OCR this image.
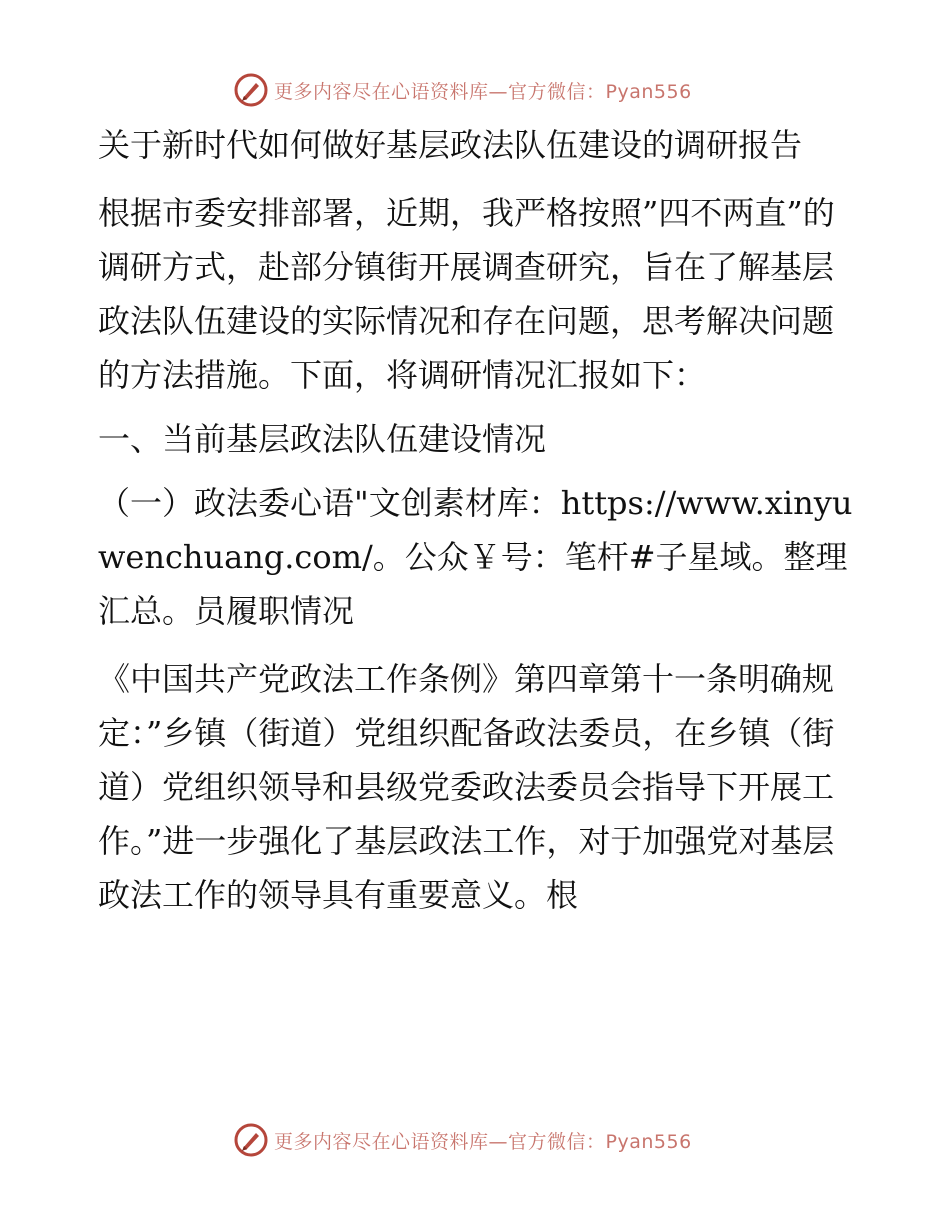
更多内容尽在心语资料库—官方微信：Pyan556

关于新时代如何做好基层政法队伍建设的调研报告

根据市委安排部署，近期，我严格按照”四不两直”的调研方式，赴部分镇街开展调查研究，旨在了解基层政法队伍建设的实际情况和存在问题，思考解决问题的方法措施。下面，将调研情况汇报如下：

一、当前基层政法队伍建设情况

（一）政法委心语"文创素材库：https://www.xinyuwenchuang.com/。公众￥号：笔杆#子星域。整理汇总。员履职情况

《中国共产党政法工作条例》第四章第十一条明确规定：”乡镇（街道）党组织配备政法委员，在乡镇（街道）党组织领导和县级党委政法委员会指导下开展工作。”进一步强化了基层政法工作，对于加强党对基层政法工作的领导具有重要意义。根

更多内容尽在心语资料库—官方微信：Pyan556
